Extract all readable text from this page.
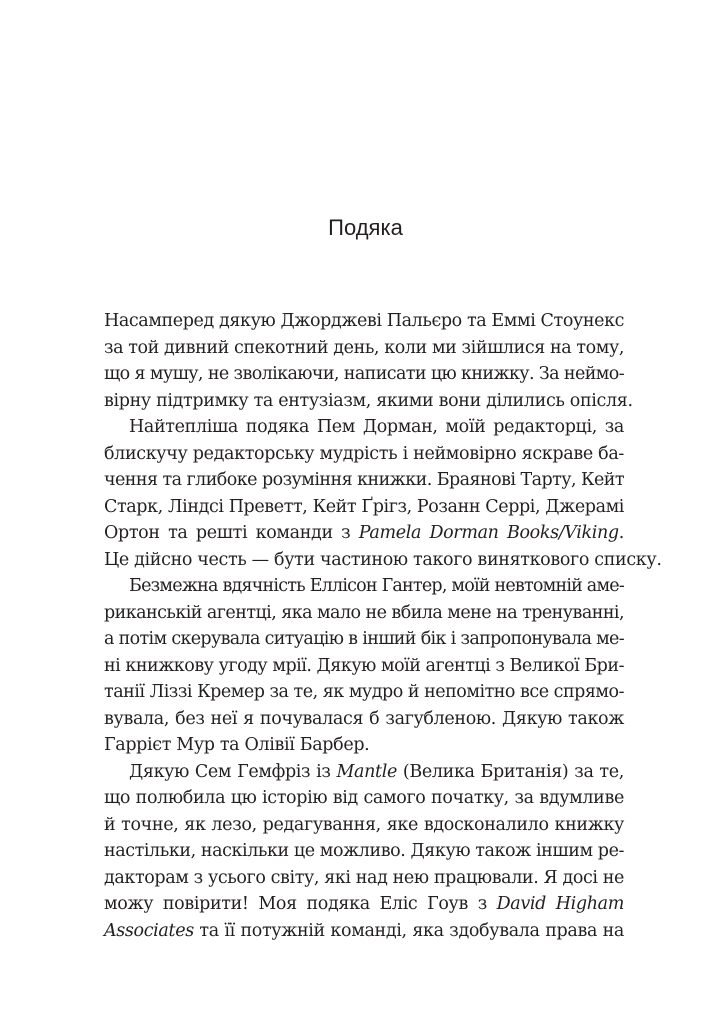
Подяка

Насамперед дякую Джорджеві Пальєро та Еммі Стоунекс
за той дивний спекотний день, коли ми зійшлися на тому,
що я мушу, не зволікаючи, написати цю книжку. За неймо-
вірну підтримку та ентузіазм, якими вони ділились опісля.

Найтепліша подяка Пем Дорман, моїй редакторці, за
блискучу редакторську мудрість і неймовірно яскраве ба-
чення та глибоке розуміння книжки. Браянові Тарту, Кейт
Старк, Ліндсі Преветт, Кейт Ґрігз, Розанн Серрі, Джерамі
Ортон та решті команди з Pamela Dorman Books/Viking.
Це дійсно честь — бути частиною такого виняткового списку.

Безмежна вдячність Еллісон Гантер, моїй невтомній аме-
риканській агентці, яка мало не вбила мене на тренуванні,
а потім скерувала ситуацію в інший бік і запропонувала ме-
ні книжкову угоду мрії. Дякую моїй агентці з Великої Бри-
танії Ліззі Кремер за те, як мудро й непомітно все спрямо-
вувала, без неї я почувалася б загубленою. Дякую також
Гаррієт Мур та Олівії Барбер.

Дякую Сем Гемфріз із Mantle (Велика Британія) за те,
що полюбила цю історію від самого початку, за вдумливе
й точне, як лезо, редагування, яке вдосконалило книжку
настільки, наскільки це можливо. Дякую також іншим ре-
дакторам з усього світу, які над нею працювали. Я досі не
можу повірити! Моя подяка Еліс Гоув з David Higham
Associates та її потужній команді, яка здобувала права на
